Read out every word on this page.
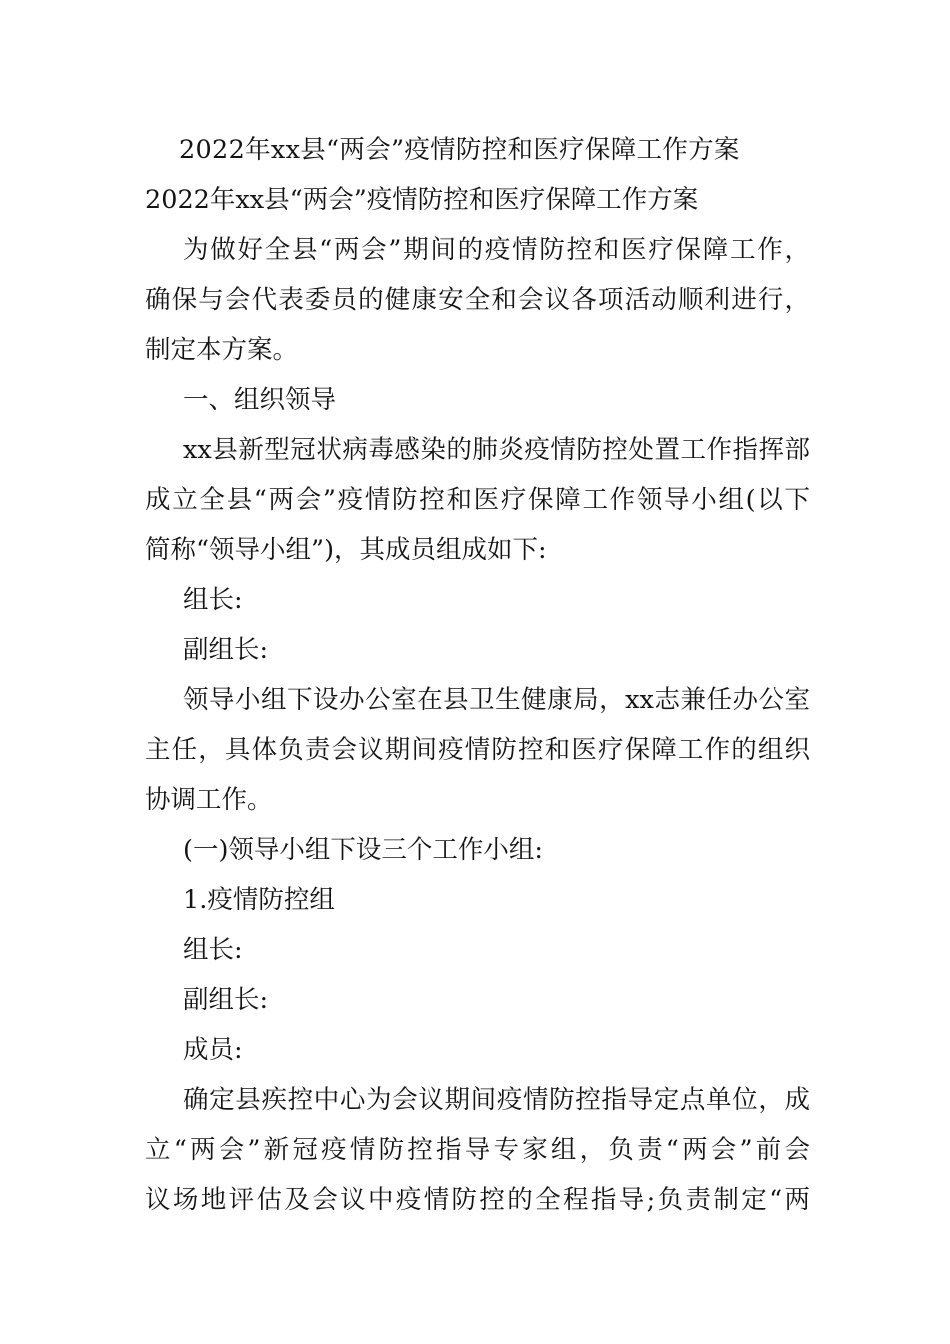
2022年xx县“两会”疫情防控和医疗保障工作方案
2022年xx县“两会”疫情防控和医疗保障工作方案
为做好全县“两会”期间的疫情防控和医疗保障工作，
确保与会代表委员的健康安全和会议各项活动顺利进行，
制定本方案。
一、组织领导
xx县新型冠状病毒感染的肺炎疫情防控处置工作指挥部
成立全县“两会”疫情防控和医疗保障工作领导小组(以下
简称“领导小组”)，其成员组成如下:
组长:
副组长:
领导小组下设办公室在县卫生健康局，xx志兼任办公室
主任，具体负责会议期间疫情防控和医疗保障工作的组织
协调工作。
(一)领导小组下设三个工作小组:
1.疫情防控组
组长:
副组长:
成员:
确定县疾控中心为会议期间疫情防控指导定点单位，成
立“两会”新冠疫情防控指导专家组，负责“两会”前会
议场地评估及会议中疫情防控的全程指导;负责制定“两
